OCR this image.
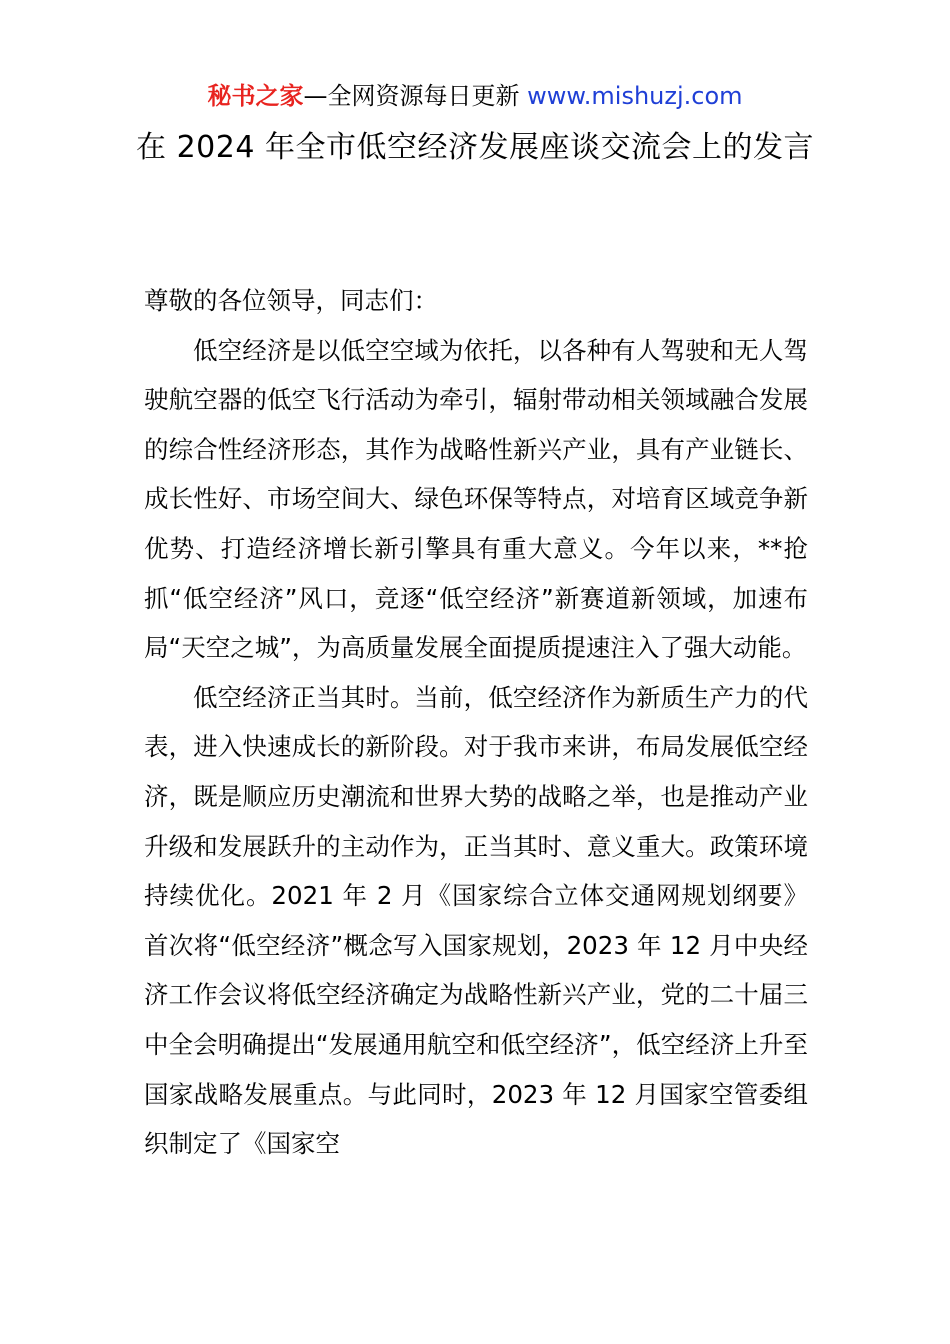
秘书之家—全网资源每日更新 www.mishuzj.com
在 2024 年全市低空经济发展座谈交流会上的发言

尊敬的各位领导，同志们：

低空经济是以低空空域为依托，以各种有人驾驶和无人驾驶航空器的低空飞行活动为牵引，辐射带动相关领域融合发展的综合性经济形态，其作为战略性新兴产业，具有产业链长、成长性好、市场空间大、绿色环保等特点，对培育区域竞争新优势、打造经济增长新引擎具有重大意义。今年以来，**抢抓“低空经济”风口，竞逐“低空经济”新赛道新领域，加速布局“天空之城”，为高质量发展全面提质提速注入了强大动能。

低空经济正当其时。当前，低空经济作为新质生产力的代表，进入快速成长的新阶段。对于我市来讲，布局发展低空经济，既是顺应历史潮流和世界大势的战略之举，也是推动产业升级和发展跃升的主动作为，正当其时、意义重大。政策环境持续优化。2021 年 2 月《国家综合立体交通网规划纲要》首次将“低空经济”概念写入国家规划，2023 年 12 月中央经济工作会议将低空经济确定为战略性新兴产业，党的二十届三中全会明确提出“发展通用航空和低空经济”，低空经济上升至国家战略发展重点。与此同时，2023 年 12 月国家空管委组织制定了《国家空
